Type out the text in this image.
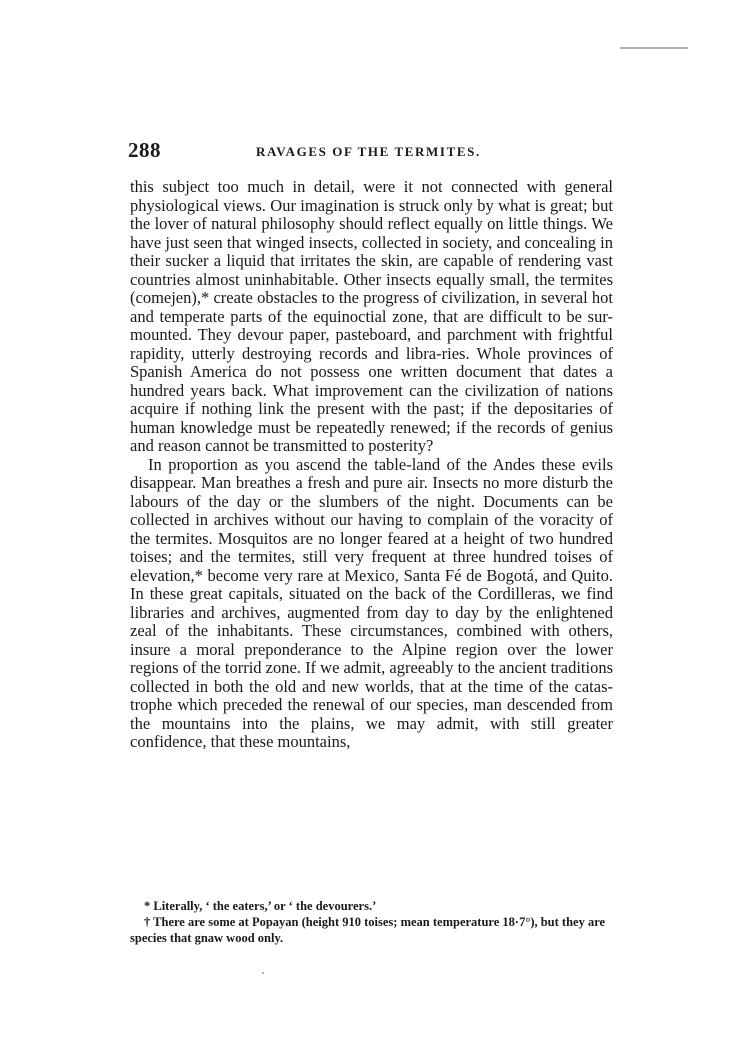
288	RAVAGES OF THE TERMITES.

this subject too much in detail, were it not connected with general physiological views. Our imagination is struck only by what is great; but the lover of natural philosophy should reflect equally on little things. We have just seen that winged insects, collected in society, and concealing in their sucker a liquid that irritates the skin, are capable of rendering vast countries almost uninhabitable. Other insects equally small, the termites (comejen),* create obstacles to the progress of civilization, in several hot and temperate parts of the equinoctial zone, that are difficult to be sur-mounted. They devour paper, pasteboard, and parchment with frightful rapidity, utterly destroying records and libra-ries. Whole provinces of Spanish America do not possess one written document that dates a hundred years back. What improvement can the civilization of nations acquire if nothing link the present with the past; if the depositaries of human knowledge must be repeatedly renewed; if the records of genius and reason cannot be transmitted to posterity?

In proportion as you ascend the table-land of the Andes these evils disappear. Man breathes a fresh and pure air. Insects no more disturb the labours of the day or the slumbers of the night. Documents can be collected in archives without our having to complain of the voracity of the termites. Mosquitos are no longer feared at a height of two hundred toises; and the termites, still very frequent at three hundred toises of elevation,* become very rare at Mexico, Santa Fé de Bogotá, and Quito. In these great capitals, situated on the back of the Cordilleras, we find libraries and archives, augmented from day to day by the enlightened zeal of the inhabitants. These circumstances, combined with others, insure a moral preponderance to the Alpine region over the lower regions of the torrid zone. If we admit, agreeably to the ancient traditions collected in both the old and new worlds, that at the time of the catas-trophe which preceded the renewal of our species, man descended from the mountains into the plains, we may admit, with still greater confidence, that these mountains,

* Literally, ‘ the eaters,’ or ‘ the devourers.’

† There are some at Popayan (height 910 toises; mean temperature 18·7°), but they are species that gnaw wood only.
